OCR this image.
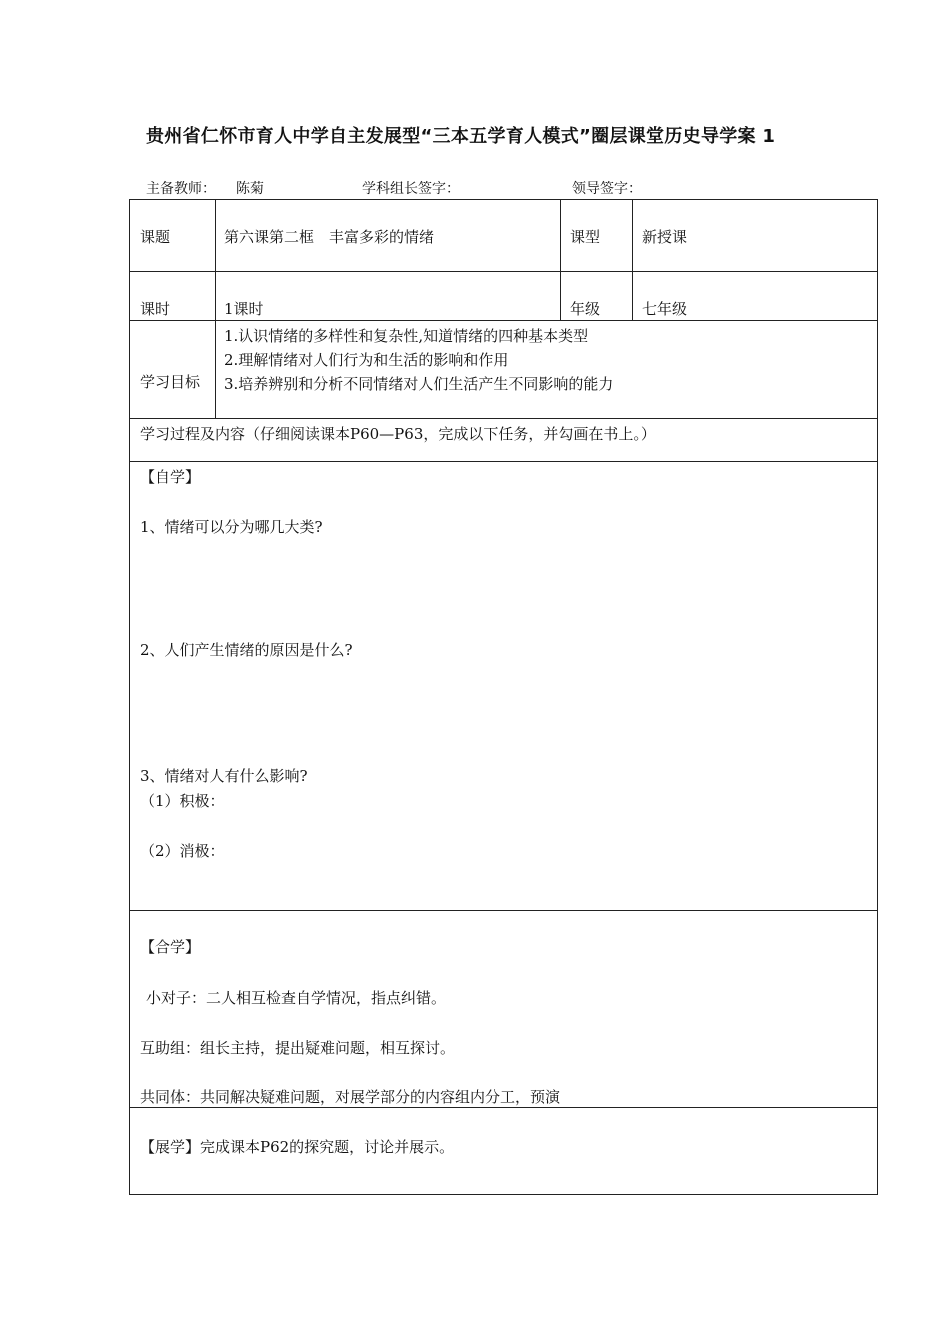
贵州省仁怀市育人中学自主发展型“三本五学育人模式”圈层课堂历史导学案 1
主备教师： 陈菊	学科组长签字：	领导签字：
课题	第六课第二框　丰富多彩的情绪	课型	新授课
课时	1课时	年级	七年级
学习目标
1.认识情绪的多样性和复杂性,知道情绪的四种基本类型
2.理解情绪对人们行为和生活的影响和作用
3.培养辨别和分析不同情绪对人们生活产生不同影响的能力
学习过程及内容（仔细阅读课本P60—P63，完成以下任务，并勾画在书上。）
【自学】
1、情绪可以分为哪几大类?
2、人们产生情绪的原因是什么?
3、情绪对人有什么影响?
（1）积极：
（2）消极：
【合学】
小对子：二人相互检查自学情况，指点纠错。
互助组：组长主持，提出疑难问题，相互探讨。
共同体：共同解决疑难问题，对展学部分的内容组内分工，预演
【展学】完成课本P62的探究题，讨论并展示。
